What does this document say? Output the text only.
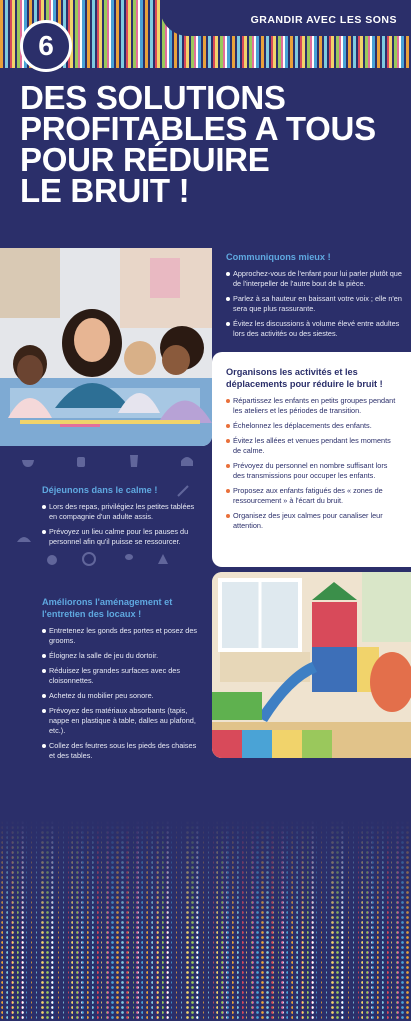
GRANDIR AVEC LES SONS
6
DES SOLUTIONS
PROFITABLES A TOUS
POUR RÉDUIRE
LE BRUIT !

Communiquons mieux !

Approchez-vous de l'enfant pour lui parler plutôt que de l'interpeller de l'autre bout de la pièce.
Parlez à sa hauteur en baissant votre voix ; elle n'en sera que plus rassurante.
Évitez les discussions à volume élevé entre adultes lors des activités ou des siestes.

Organisons les activités et les déplacements pour réduire le bruit !

Répartissez les enfants en petits groupes pendant les ateliers et les périodes de transition.
Échelonnez les déplacements des enfants.
Évitez les allées et venues pendant les moments de calme.
Prévoyez du personnel en nombre suffisant lors des transmissions pour occuper les enfants.
Proposez aux enfants fatigués des « zones de ressourcement » à l'écart du bruit.
Organisez des jeux calmes pour canaliser leur attention.

Déjeunons dans le calme !

Lors des repas, privilégiez les petites tablées en compagnie d'un adulte assis.
Prévoyez un lieu calme pour les pauses du personnel afin qu'il puisse se ressourcer.

Améliorons l'aménagement et l'entretien des locaux !

Entretenez les gonds des portes et posez des grooms.
Éloignez la salle de jeu du dortoir.
Réduisez les grandes surfaces avec des cloisonnettes.
Achetez du mobilier peu sonore.
Prévoyez des matériaux absorbants (tapis, nappe en plastique à table, dalles au plafond, etc.).
Collez des feutres sous les pieds des chaises et des tables.
